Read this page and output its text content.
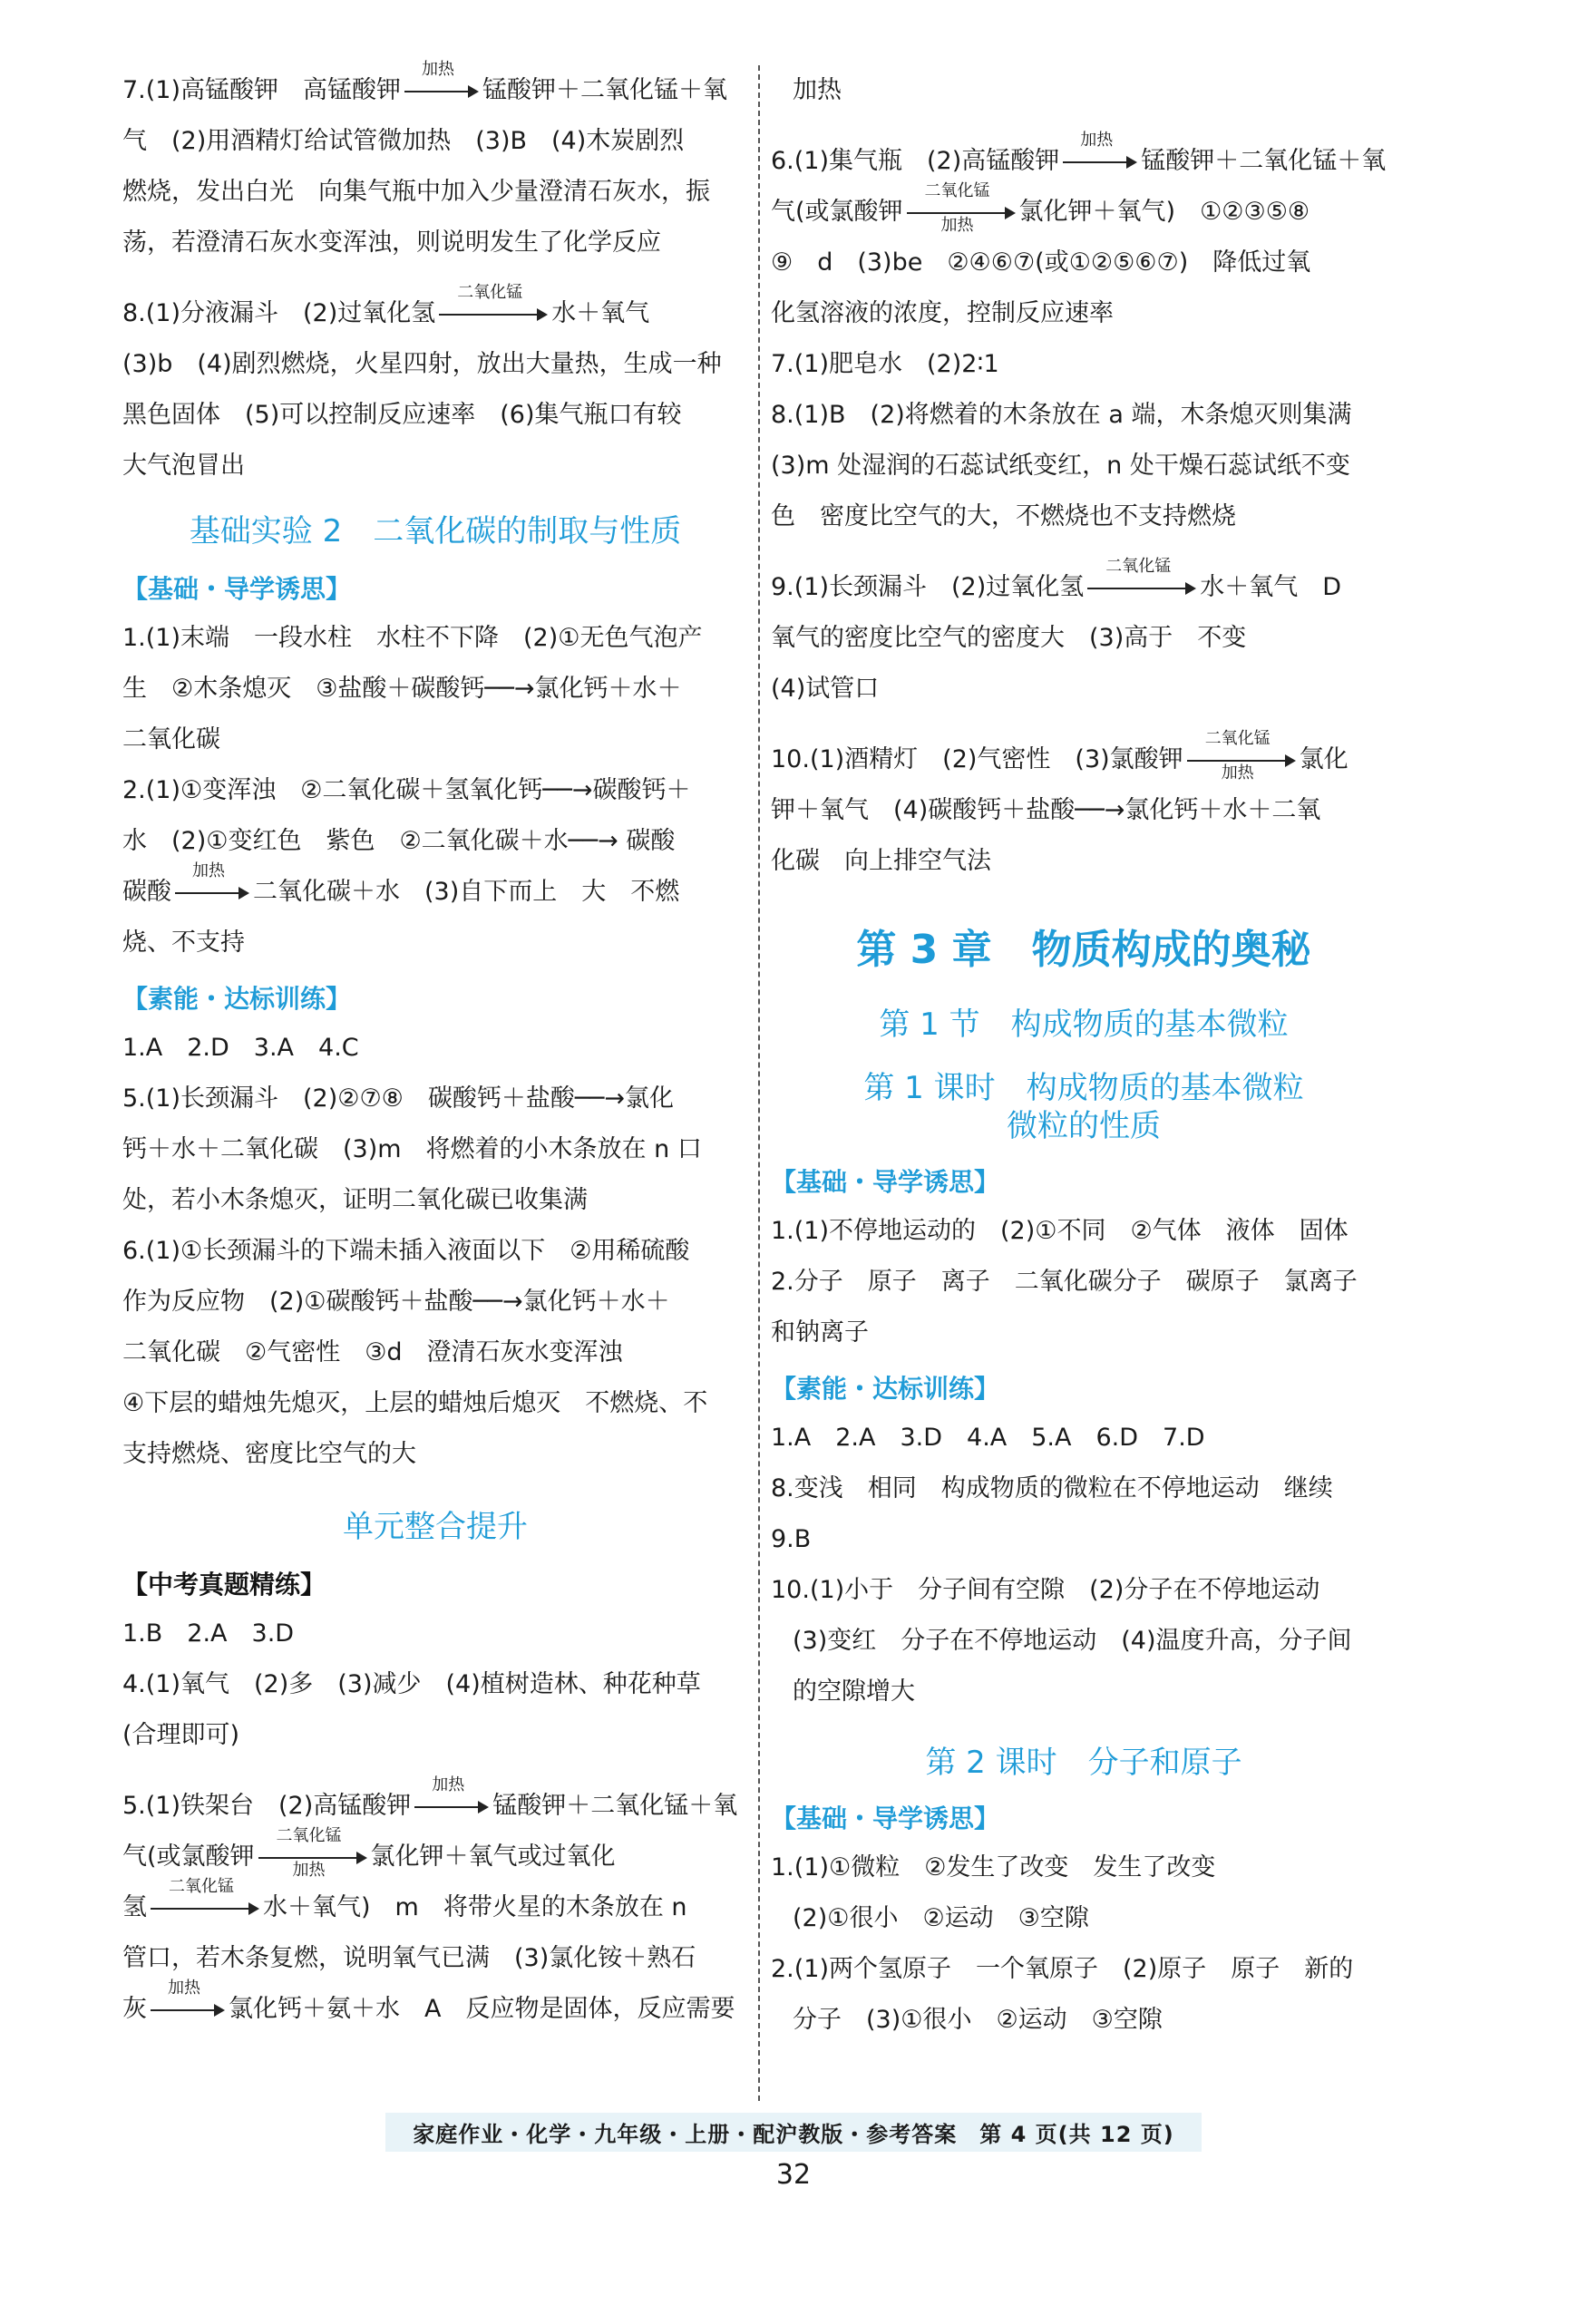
7.(1)高锰酸钾　高锰酸钾
加热
锰酸钾＋二氧化锰＋氧
气　(2)用酒精灯给试管微加热　(3)B　(4)木炭剧烈
燃烧，发出白光　向集气瓶中加入少量澄清石灰水，振
荡，若澄清石灰水变浑浊，则说明发生了化学反应

8.(1)分液漏斗　(2)过氧化氢
二氧化锰
水＋氧气
(3)b　(4)剧烈燃烧，火星四射，放出大量热，生成一种
黑色固体　(5)可以控制反应速率　(6)集气瓶口有较
大气泡冒出

基础实验 2　二氧化碳的制取与性质
【基础・导学诱思】

1.(1)末端　一段水柱　水柱不下降　(2)①无色气泡产
生　②木条熄灭　③盐酸＋碳酸钙──→氯化钙＋水＋
二氧化碳

2.(1)①变浑浊　②二氧化碳＋氢氧化钙──→碳酸钙＋
水　(2)①变红色　紫色　②二氧化碳＋水──→ 碳酸
碳酸
加热
二氧化碳＋水　(3)自下而上　大　不燃
烧、不支持

【素能・达标训练】

1.A　2.D　3.A　4.C

5.(1)长颈漏斗　(2)②⑦⑧　碳酸钙＋盐酸──→氯化
钙＋水＋二氧化碳　(3)m　将燃着的小木条放在 n 口
处，若小木条熄灭，证明二氧化碳已收集满

6.(1)①长颈漏斗的下端未插入液面以下　②用稀硫酸
作为反应物　(2)①碳酸钙＋盐酸──→氯化钙＋水＋
二氧化碳　②气密性　③d　澄清石灰水变浑浊
④下层的蜡烛先熄灭，上层的蜡烛后熄灭　不燃烧、不
支持燃烧、密度比空气的大

单元整合提升
【中考真题精练】

1.B　2.A　3.D

4.(1)氧气　(2)多　(3)减少　(4)植树造林、种花种草
(合理即可)

5.(1)铁架台　(2)高锰酸钾
加热
锰酸钾＋二氧化锰＋氧
气(或氯酸钾
二氧化锰
加热	氯化钾＋氧气或过氧化
氢
二氧化锰
水＋氧气)　m　将带火星的木条放在 n
管口，若木条复燃，说明氧气已满　(3)氯化铵＋熟石
灰
加热
氯化钙＋氨＋水　A　反应物是固体，反应需要

加热

6.(1)集气瓶　(2)高锰酸钾
加热
锰酸钾＋二氧化锰＋氧
气(或氯酸钾
二氧化锰
加热	氯化钾＋氧气)　①②③⑤⑧
⑨　d　(3)be　②④⑥⑦(或①②⑤⑥⑦)　降低过氧
化氢溶液的浓度，控制反应速率

7.(1)肥皂水　(2)2∶1

8.(1)B　(2)将燃着的木条放在 a 端，木条熄灭则集满
(3)m 处湿润的石蕊试纸变红，n 处干燥石蕊试纸不变
色　密度比空气的大，不燃烧也不支持燃烧

9.(1)长颈漏斗　(2)过氧化氢
二氧化锰
水＋氧气　D
氧气的密度比空气的密度大　(3)高于　不变
(4)试管口

10.(1)酒精灯　(2)气密性　(3)氯酸钾
二氧化锰
加热	氯化
钾＋氧气　(4)碳酸钙＋盐酸──→氯化钙＋水＋二氧
化碳　向上排空气法

第 3 章　物质构成的奥秘
第 1 节　构成物质的基本微粒
第 1 课时　构成物质的基本微粒
微粒的性质
【基础・导学诱思】

1.(1)不停地运动的　(2)①不同　②气体　液体　固体

2.分子　原子　离子　二氧化碳分子　碳原子　氯离子
和钠离子

【素能・达标训练】

1.A　2.A　3.D　4.A　5.A　6.D　7.D

8.变浅　相同　构成物质的微粒在不停地运动　继续

9.B

10.(1)小于　分子间有空隙　(2)分子在不停地运动
(3)变红　分子在不停地运动　(4)温度升高，分子间
的空隙增大

第 2 课时　分子和原子
【基础・导学诱思】

1.(1)①微粒　②发生了改变　发生了改变
(2)①很小　②运动　③空隙

2.(1)两个氢原子　一个氧原子　(2)原子　原子　新的
分子　(3)①很小　②运动　③空隙

家庭作业・化学・九年级・上册・配沪教版・参考答案　第 4 页(共 12 页)
32
